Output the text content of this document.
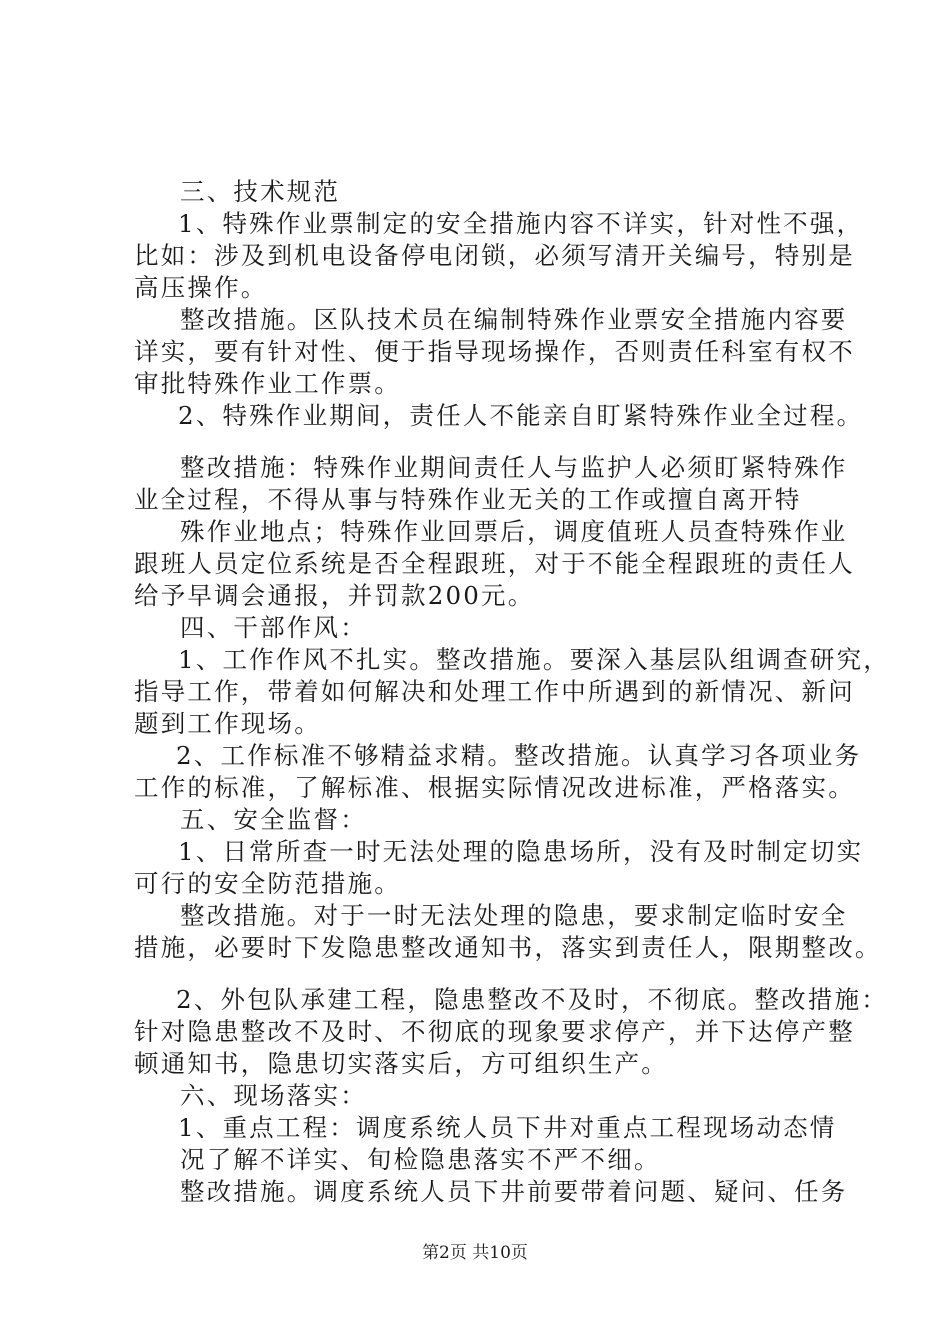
三、技术规范
1、特殊作业票制定的安全措施内容不详实，针对性不强，
比如：涉及到机电设备停电闭锁，必须写清开关编号，特别是
高压操作。
整改措施。区队技术员在编制特殊作业票安全措施内容要
详实，要有针对性、便于指导现场操作，否则责任科室有权不
审批特殊作业工作票。
2、特殊作业期间，责任人不能亲自盯紧特殊作业全过程。
整改措施：特殊作业期间责任人与监护人必须盯紧特殊作
业全过程，不得从事与特殊作业无关的工作或擅自离开特
殊作业地点；特殊作业回票后，调度值班人员查特殊作业
跟班人员定位系统是否全程跟班，对于不能全程跟班的责任人
给予早调会通报，并罚款200元。
四、干部作风：
1、工作作风不扎实。整改措施。要深入基层队组调查研究，
指导工作，带着如何解决和处理工作中所遇到的新情况、新问
题到工作现场。
2、工作标准不够精益求精。整改措施。认真学习各项业务
工作的标准，了解标准、根据实际情况改进标准，严格落实。
五、安全监督：
1、日常所查一时无法处理的隐患场所，没有及时制定切实
可行的安全防范措施。
整改措施。对于一时无法处理的隐患，要求制定临时安全
措施，必要时下发隐患整改通知书，落实到责任人，限期整改。
2、外包队承建工程，隐患整改不及时，不彻底。整改措施：
针对隐患整改不及时、不彻底的现象要求停产，并下达停产整
顿通知书，隐患切实落实后，方可组织生产。
六、现场落实：
1、重点工程：调度系统人员下井对重点工程现场动态情
况了解不详实、旬检隐患落实不严不细。
整改措施。调度系统人员下井前要带着问题、疑问、任务
第2页 共10页
